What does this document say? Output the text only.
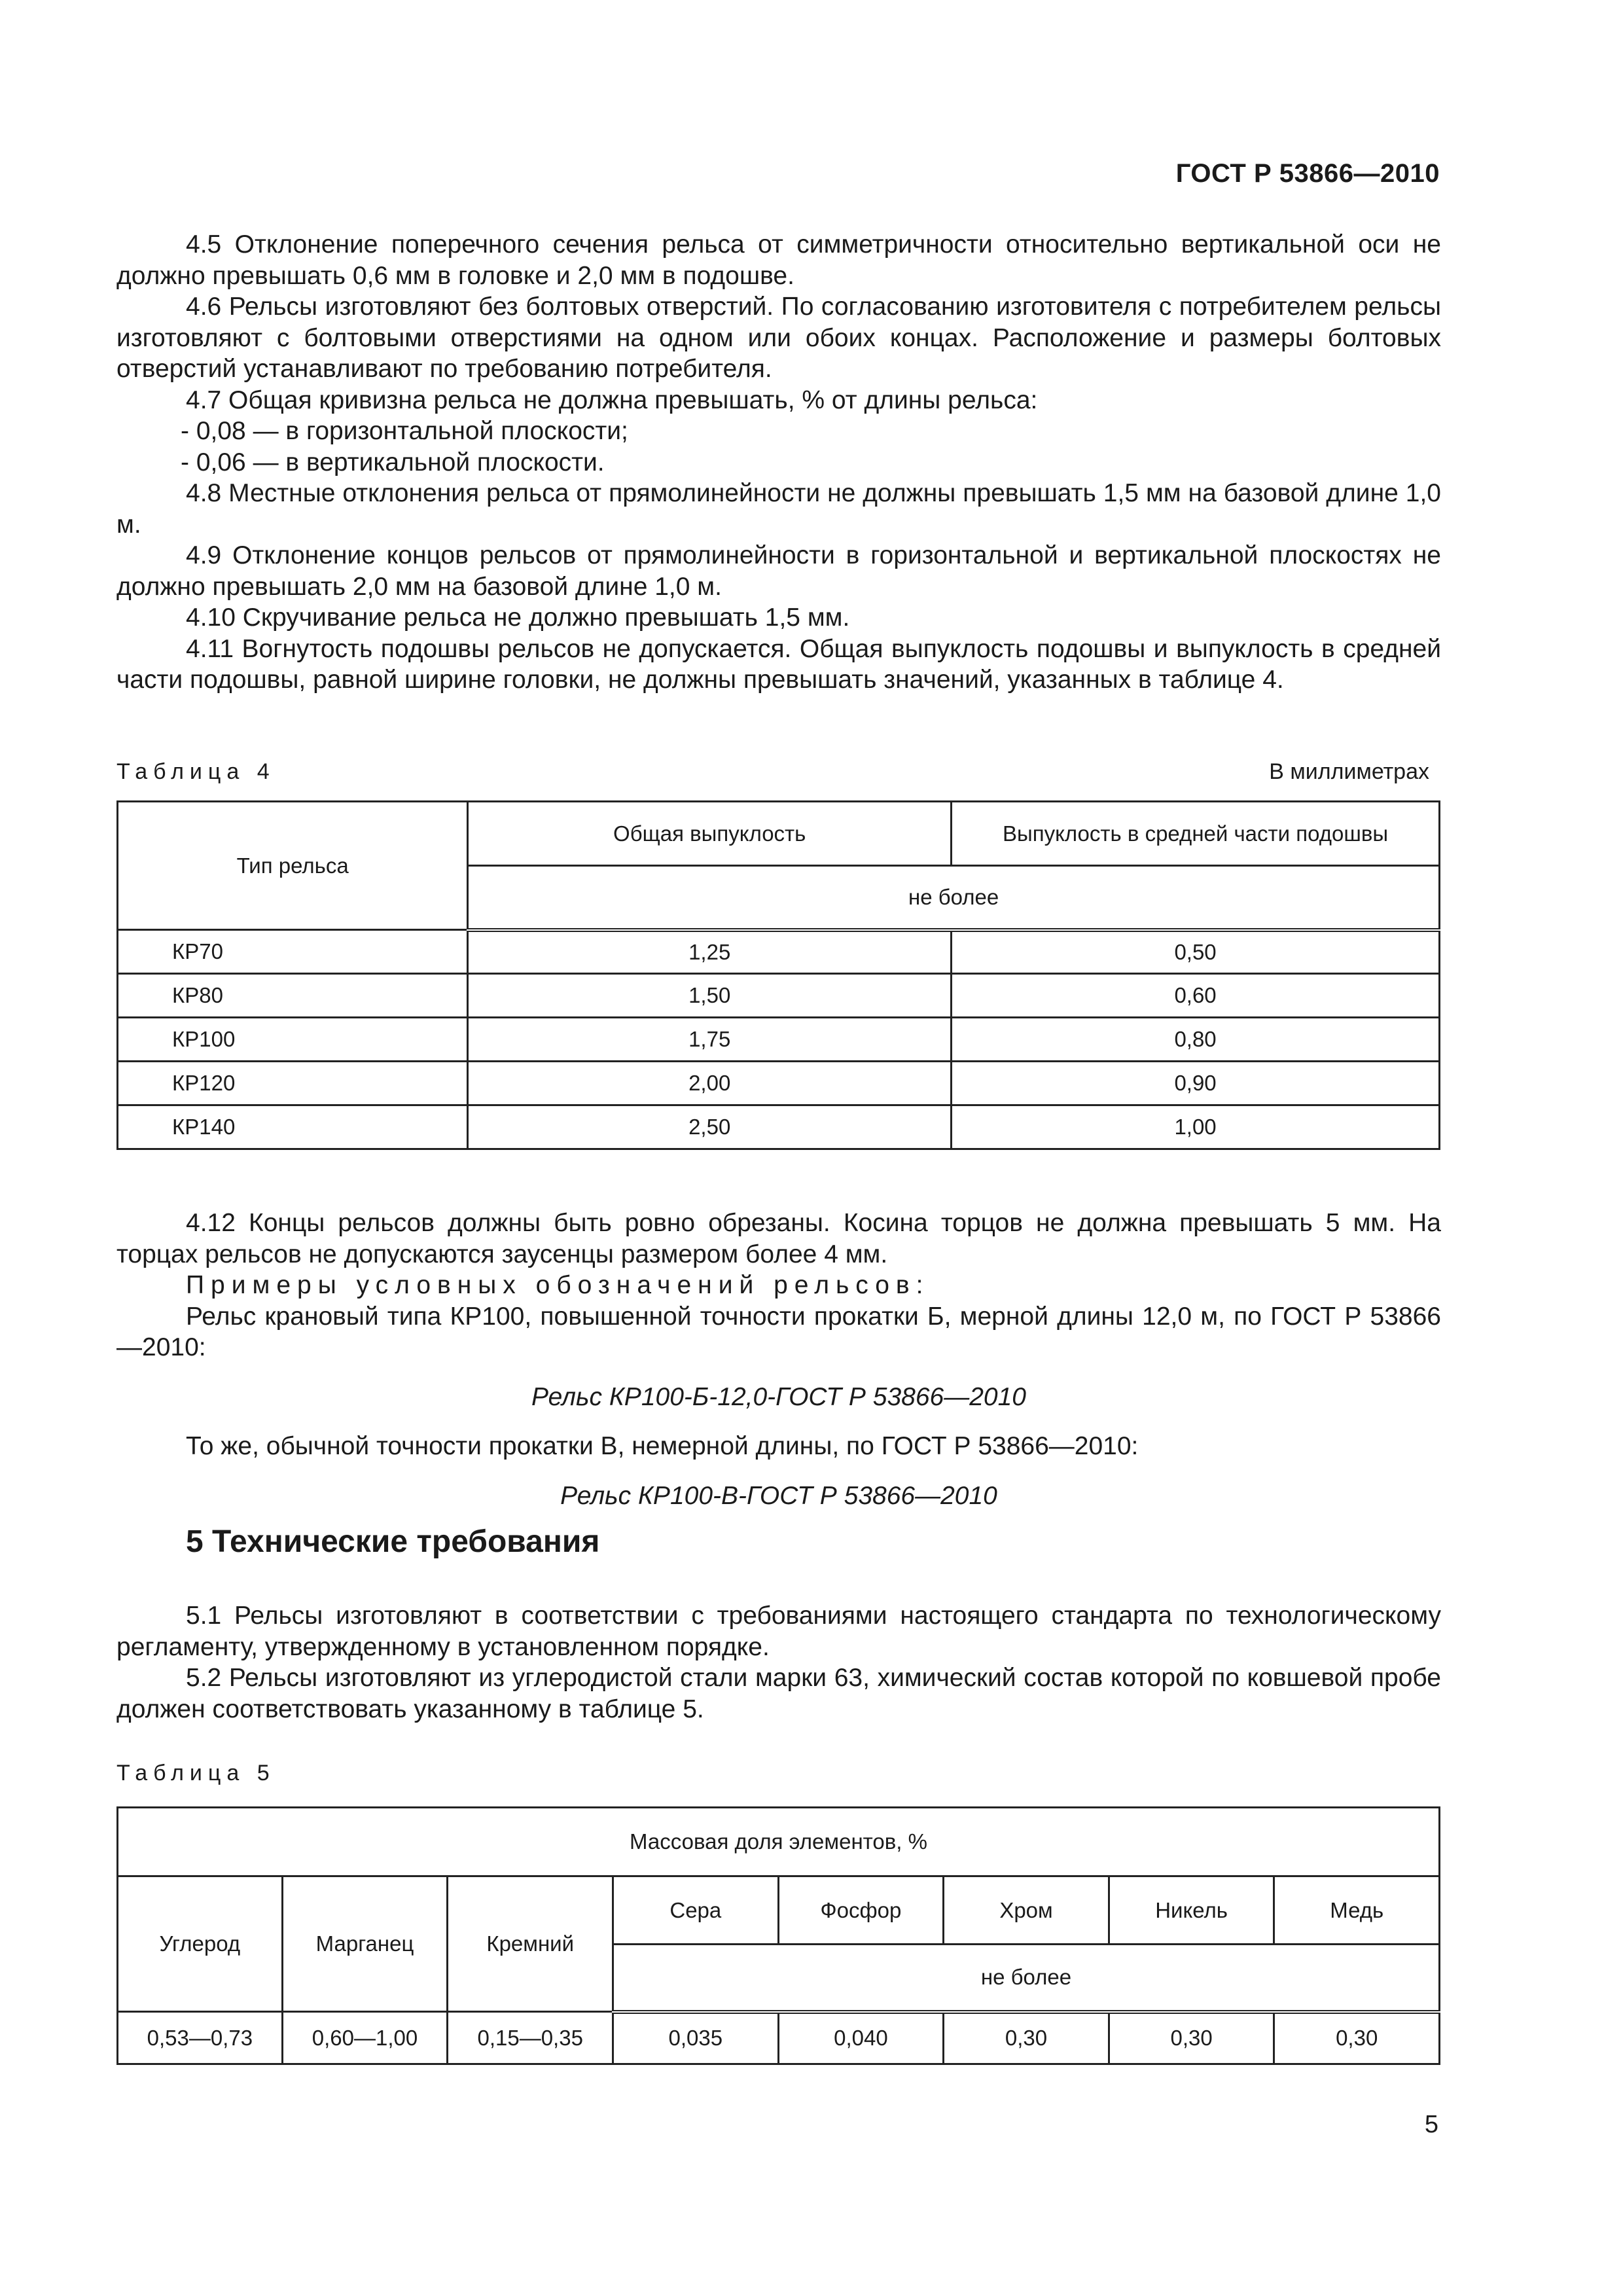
ГОСТ Р 53866—2010

4.5 Отклонение поперечного сечения рельса от симметричности относительно вертикальной оси не должно превышать 0,6 мм в головке и 2,0 мм в подошве.

4.6 Рельсы изготовляют без болтовых отверстий. По согласованию изготовителя с потребителем рельсы изготовляют с болтовыми отверстиями на одном или обоих концах. Расположение и размеры болтовых отверстий устанавливают по требованию потребителя.

4.7 Общая кривизна рельса не должна превышать, % от длины рельса:

- 0,08 — в горизонтальной плоскости;

- 0,06 — в вертикальной плоскости.

4.8 Местные отклонения рельса от прямолинейности не должны превышать 1,5 мм на базовой длине 1,0 м.

4.9 Отклонение концов рельсов от прямолинейности в горизонтальной и вертикальной плоскостях не должно превышать 2,0 мм на базовой длине 1,0 м.

4.10 Скручивание рельса не должно превышать 1,5 мм.

4.11 Вогнутость подошвы рельсов не допускается. Общая выпуклость подошвы и выпуклость в средней части подошвы, равной ширине головки, не должны превышать значений, указанных в таблице 4.

Таблица 4	В миллиметрах
Тип рельса	Общая выпуклость	Выпуклость в средней части подошвы
	не более	
КР70	1,25	0,50
КР80	1,50	0,60
КР100	1,75	0,80
КР120	2,00	0,90
КР140	2,50	1,00

4.12 Концы рельсов должны быть ровно обрезаны. Косина торцов не должна превышать 5 мм. На торцах рельсов не допускаются заусенцы размером более 4 мм.

Примеры условных обозначений рельсов:

Рельс крановый типа КР100, повышенной точности прокатки Б, мерной длины 12,0 м, по ГОСТ Р 53866—2010:

Рельс КР100-Б-12,0-ГОСТ Р 53866—2010

То же, обычной точности прокатки В, немерной длины, по ГОСТ Р 53866—2010:

Рельс КР100-В-ГОСТ Р 53866—2010

5 Технические требования

5.1 Рельсы изготовляют в соответствии с требованиями настоящего стандарта по технологическому регламенту, утвержденному в установленном порядке.

5.2 Рельсы изготовляют из углеродистой стали марки 63, химический состав которой по ковшевой пробе должен соответствовать указанному в таблице 5.

Таблица 5
Массовая доля элементов, %							
Углерод	Марганец	Кремний	Сера	Фосфор	Хром	Никель	Медь
			не более				
0,53—0,73	0,60—1,00	0,15—0,35	0,035	0,040	0,30	0,30	0,30
5
